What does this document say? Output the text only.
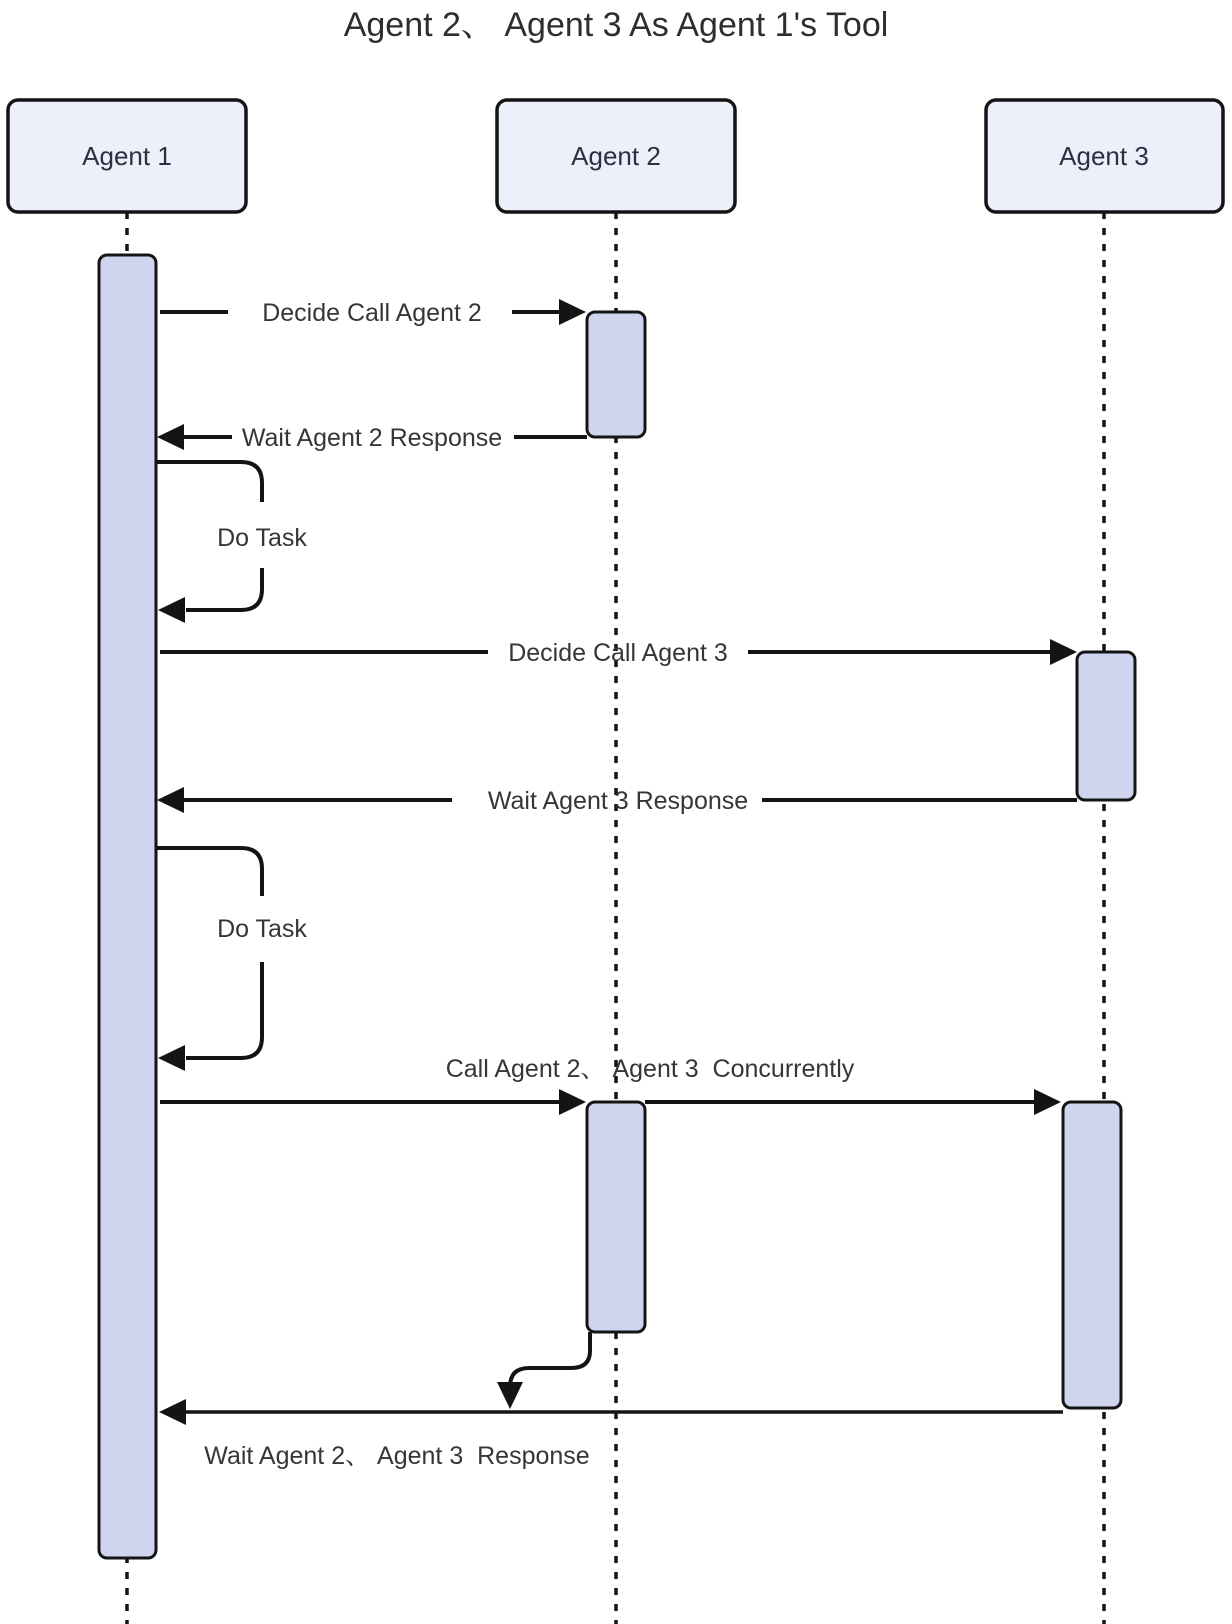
Agent 1	Agent 2	Agent 3
Decide Call Agent 2
Wait Agent 2 Response
Do Task
Decide Call Agent 3
Wait Agent 3 Response
Do Task
Call Agent 2、 Agent 3  Concurrently
Wait Agent 2、 Agent 3  Response
Agent 2、 Agent 3 As Agent 1's Tool
